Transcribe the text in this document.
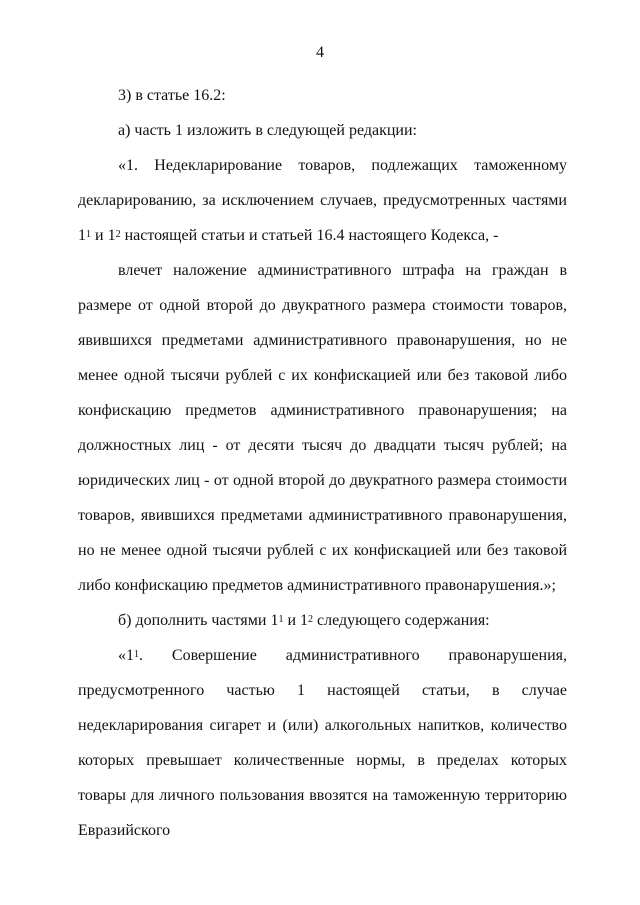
4

3) в статье 16.2:

а) часть 1 изложить в следующей редакции:

«1. Недекларирование товаров, подлежащих таможенному декларированию, за исключением случаев, предусмотренных частями $1^1$ и $1^2$ настоящей статьи и статьей 16.4 настоящего Кодекса, -

влечет наложение административного штрафа на граждан в размере от одной второй до двукратного размера стоимости товаров, явившихся предметами административного правонарушения, но не менее одной тысячи рублей с их конфискацией или без таковой либо конфискацию предметов административного правонарушения; на должностных лиц - от десяти тысяч до двадцати тысяч рублей; на юридических лиц - от одной второй до двукратного размера стоимости товаров, явившихся предметами административного правонарушения, но не менее одной тысячи рублей с их конфискацией или без таковой либо конфискацию предметов административного правонарушения.»;

б) дополнить частями $1^1$ и $1^2$ следующего содержания:

«$1^1$. Совершение административного правонарушения, предусмотренного частью 1 настоящей статьи, в случае недекларирования сигарет и (или) алкогольных напитков, количество которых превышает количественные нормы, в пределах которых товары для личного пользования ввозятся на таможенную территорию Евразийского
